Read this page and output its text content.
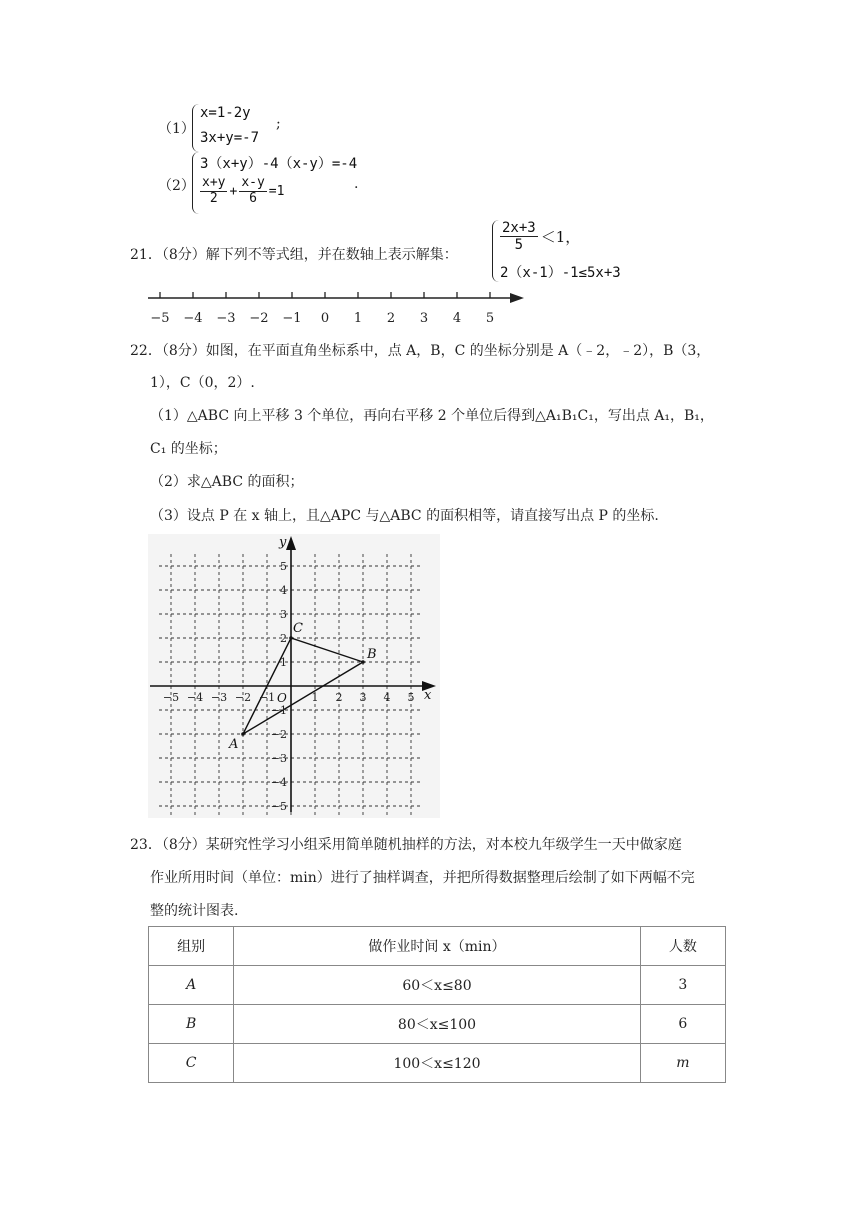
（1）
x=1-2y
3x+y=-7
;
（2）
3（x+y）-4（x-y）=-4
$\frac{x+y}{2} + \frac{x-y}{6} =1$	.
21．（8分）解下列不等式组，并在数轴上表示解集：
$\frac{2x+3}{5} <1$，
2（x-1）-1≤5x+3
−5 −4 −3 −2 −1 0 1 2 3 4 5
22．（8分）如图，在平面直角坐标系中，点 A，B，C 的坐标分别是 A（﹣2，﹣2），B（3，
1），C（0，2）.
（1）△ABC 向上平移 3 个单位，再向右平移 2 个单位后得到△A₁B₁C₁，写出点 A₁，B₁，
C₁ 的坐标；
（2）求△ABC 的面积；
（3）设点 P 在 x 轴上，且△APC 与△ABC 的面积相等，请直接写出点 P 的坐标.
x
y
O
−5 −4 −3 −2 −1	1 2 3 4 5
5
4
3
2
1
−1
−2
−3
−4
−5
A
B
C
23．（8分）某研究性学习小组采用简单随机抽样的方法，对本校九年级学生一天中做家庭
作业所用时间（单位：min）进行了抽样调查，并把所得数据整理后绘制了如下两幅不完
整的统计图表.
组别	做作业时间 x（min）	人数
A	60＜x≤80	3
B	80＜x≤100	6
C	100＜x≤120	m
